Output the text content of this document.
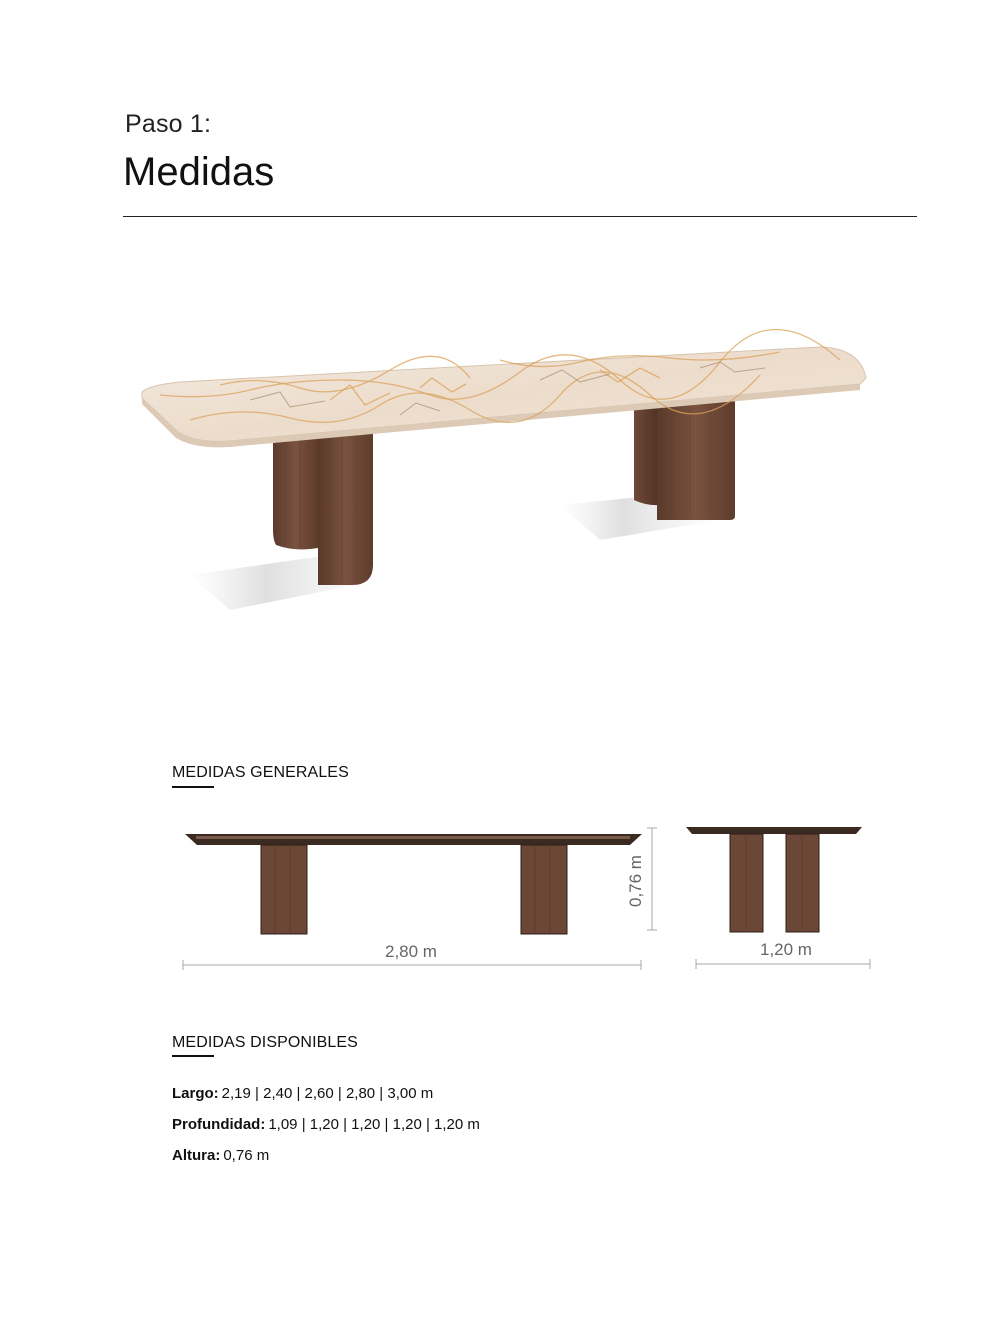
Paso 1:
Medidas
MEDIDAS GENERALES
2,80 m
0,76 m
1,20 m
MEDIDAS DISPONIBLES
Largo: 2,19 | 2,40 | 2,60 | 2,80 | 3,00 m
Profundidad: 1,09 | 1,20 | 1,20 | 1,20 | 1,20 m
Altura: 0,76 m
